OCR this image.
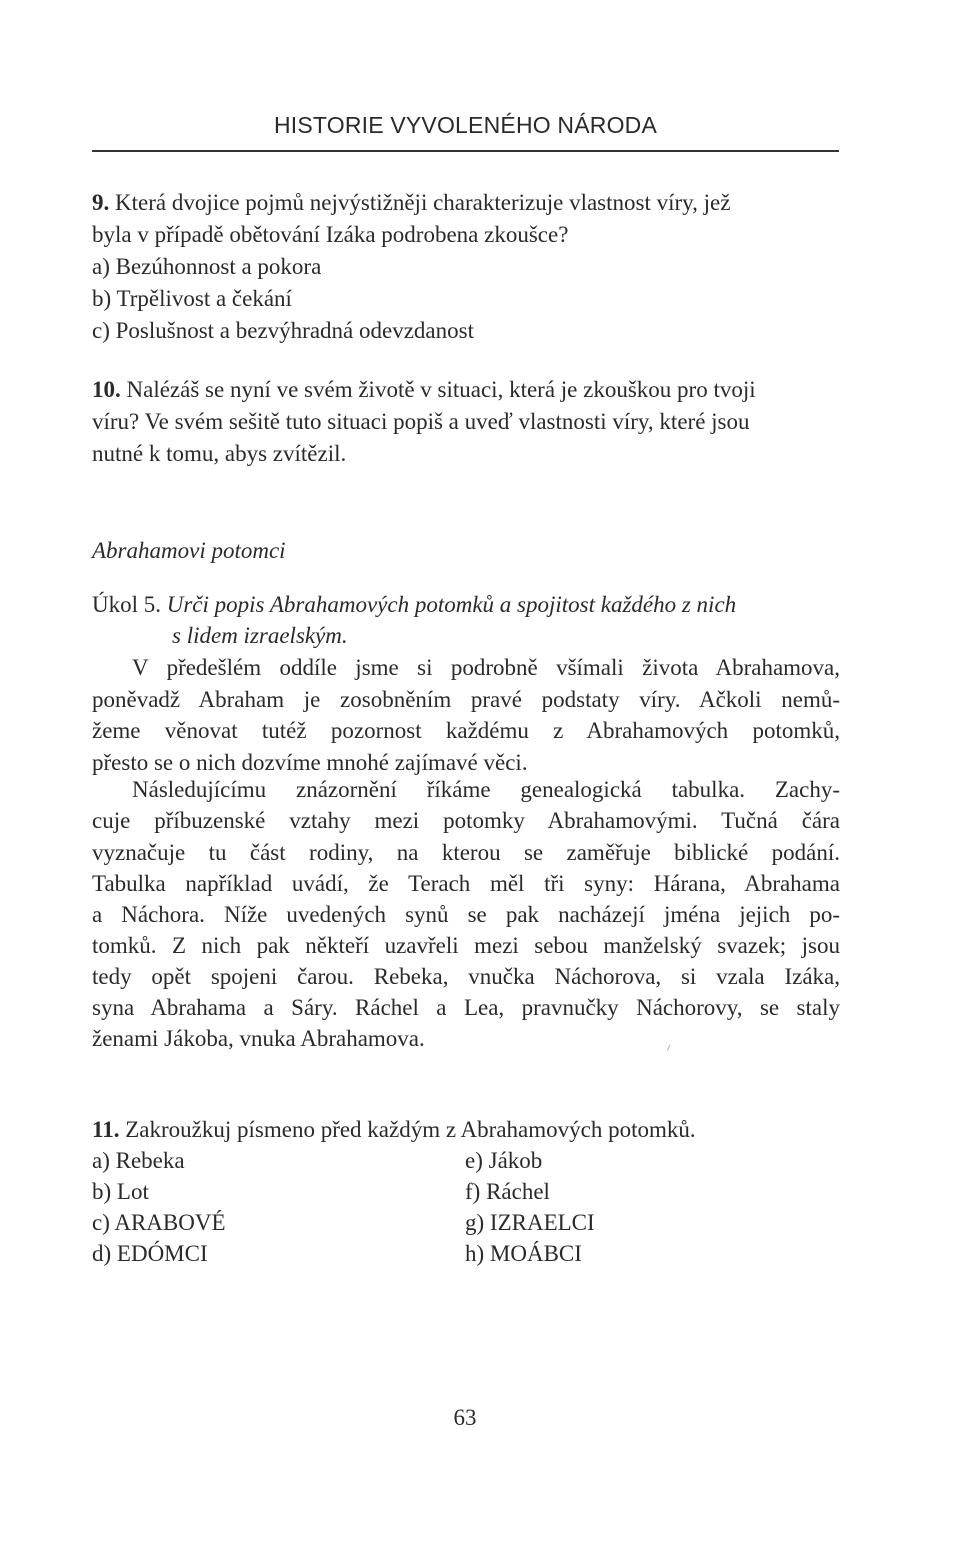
HISTORIE VYVOLENÉHO NÁRODA
9. Která dvojice pojmů nejvýstižněji charakterizuje vlastnost víry, jež
byla v případě obětování Izáka podrobena zkoušce?
a) Bezúhonnost a pokora
b) Trpělivost a čekání
c) Poslušnost a bezvýhradná odevzdanost
10. Nalézáš se nyní ve svém životě v situaci, která je zkouškou pro tvoji
víru? Ve svém sešitě tuto situaci popiš a uveď vlastnosti víry, které jsou
nutné k tomu, abys zvítězil.
Abrahamovi potomci
Úkol 5. Urči popis Abrahamových potomků a spojitost každého z nich
s lidem izraelským.
V předešlém oddíle jsme si podrobně všímali života Abrahamova,
poněvadž Abraham je zosobněním pravé podstaty víry. Ačkoli nemů-
žeme věnovat tutéž pozornost každému z Abrahamových potomků,
přesto se o nich dozvíme mnohé zajímavé věci.
Následujícímu znázornění říkáme genealogická tabulka. Zachy-
cuje příbuzenské vztahy mezi potomky Abrahamovými. Tučná čára
vyznačuje tu část rodiny, na kterou se zaměřuje biblické podání.
Tabulka například uvádí, že Terach měl tři syny: Hárana, Abrahama
a Náchora. Níže uvedených synů se pak nacházejí jména jejich po-
tomků. Z nich pak někteří uzavřeli mezi sebou manželský svazek; jsou
tedy opět spojeni čarou. Rebeka, vnučka Náchorova, si vzala Izáka,
syna Abrahama a Sáry. Ráchel a Lea, pravnučky Náchorovy, se staly
ženami Jákoba, vnuka Abrahamova.
11. Zakroužkuj písmeno před každým z Abrahamových potomků.
a) Rebeka
b) Lot
c) ARABOVÉ
d) EDÓMCI
e) Jákob
f) Ráchel
g) IZRAELCI
h) MOÁBCI
63
